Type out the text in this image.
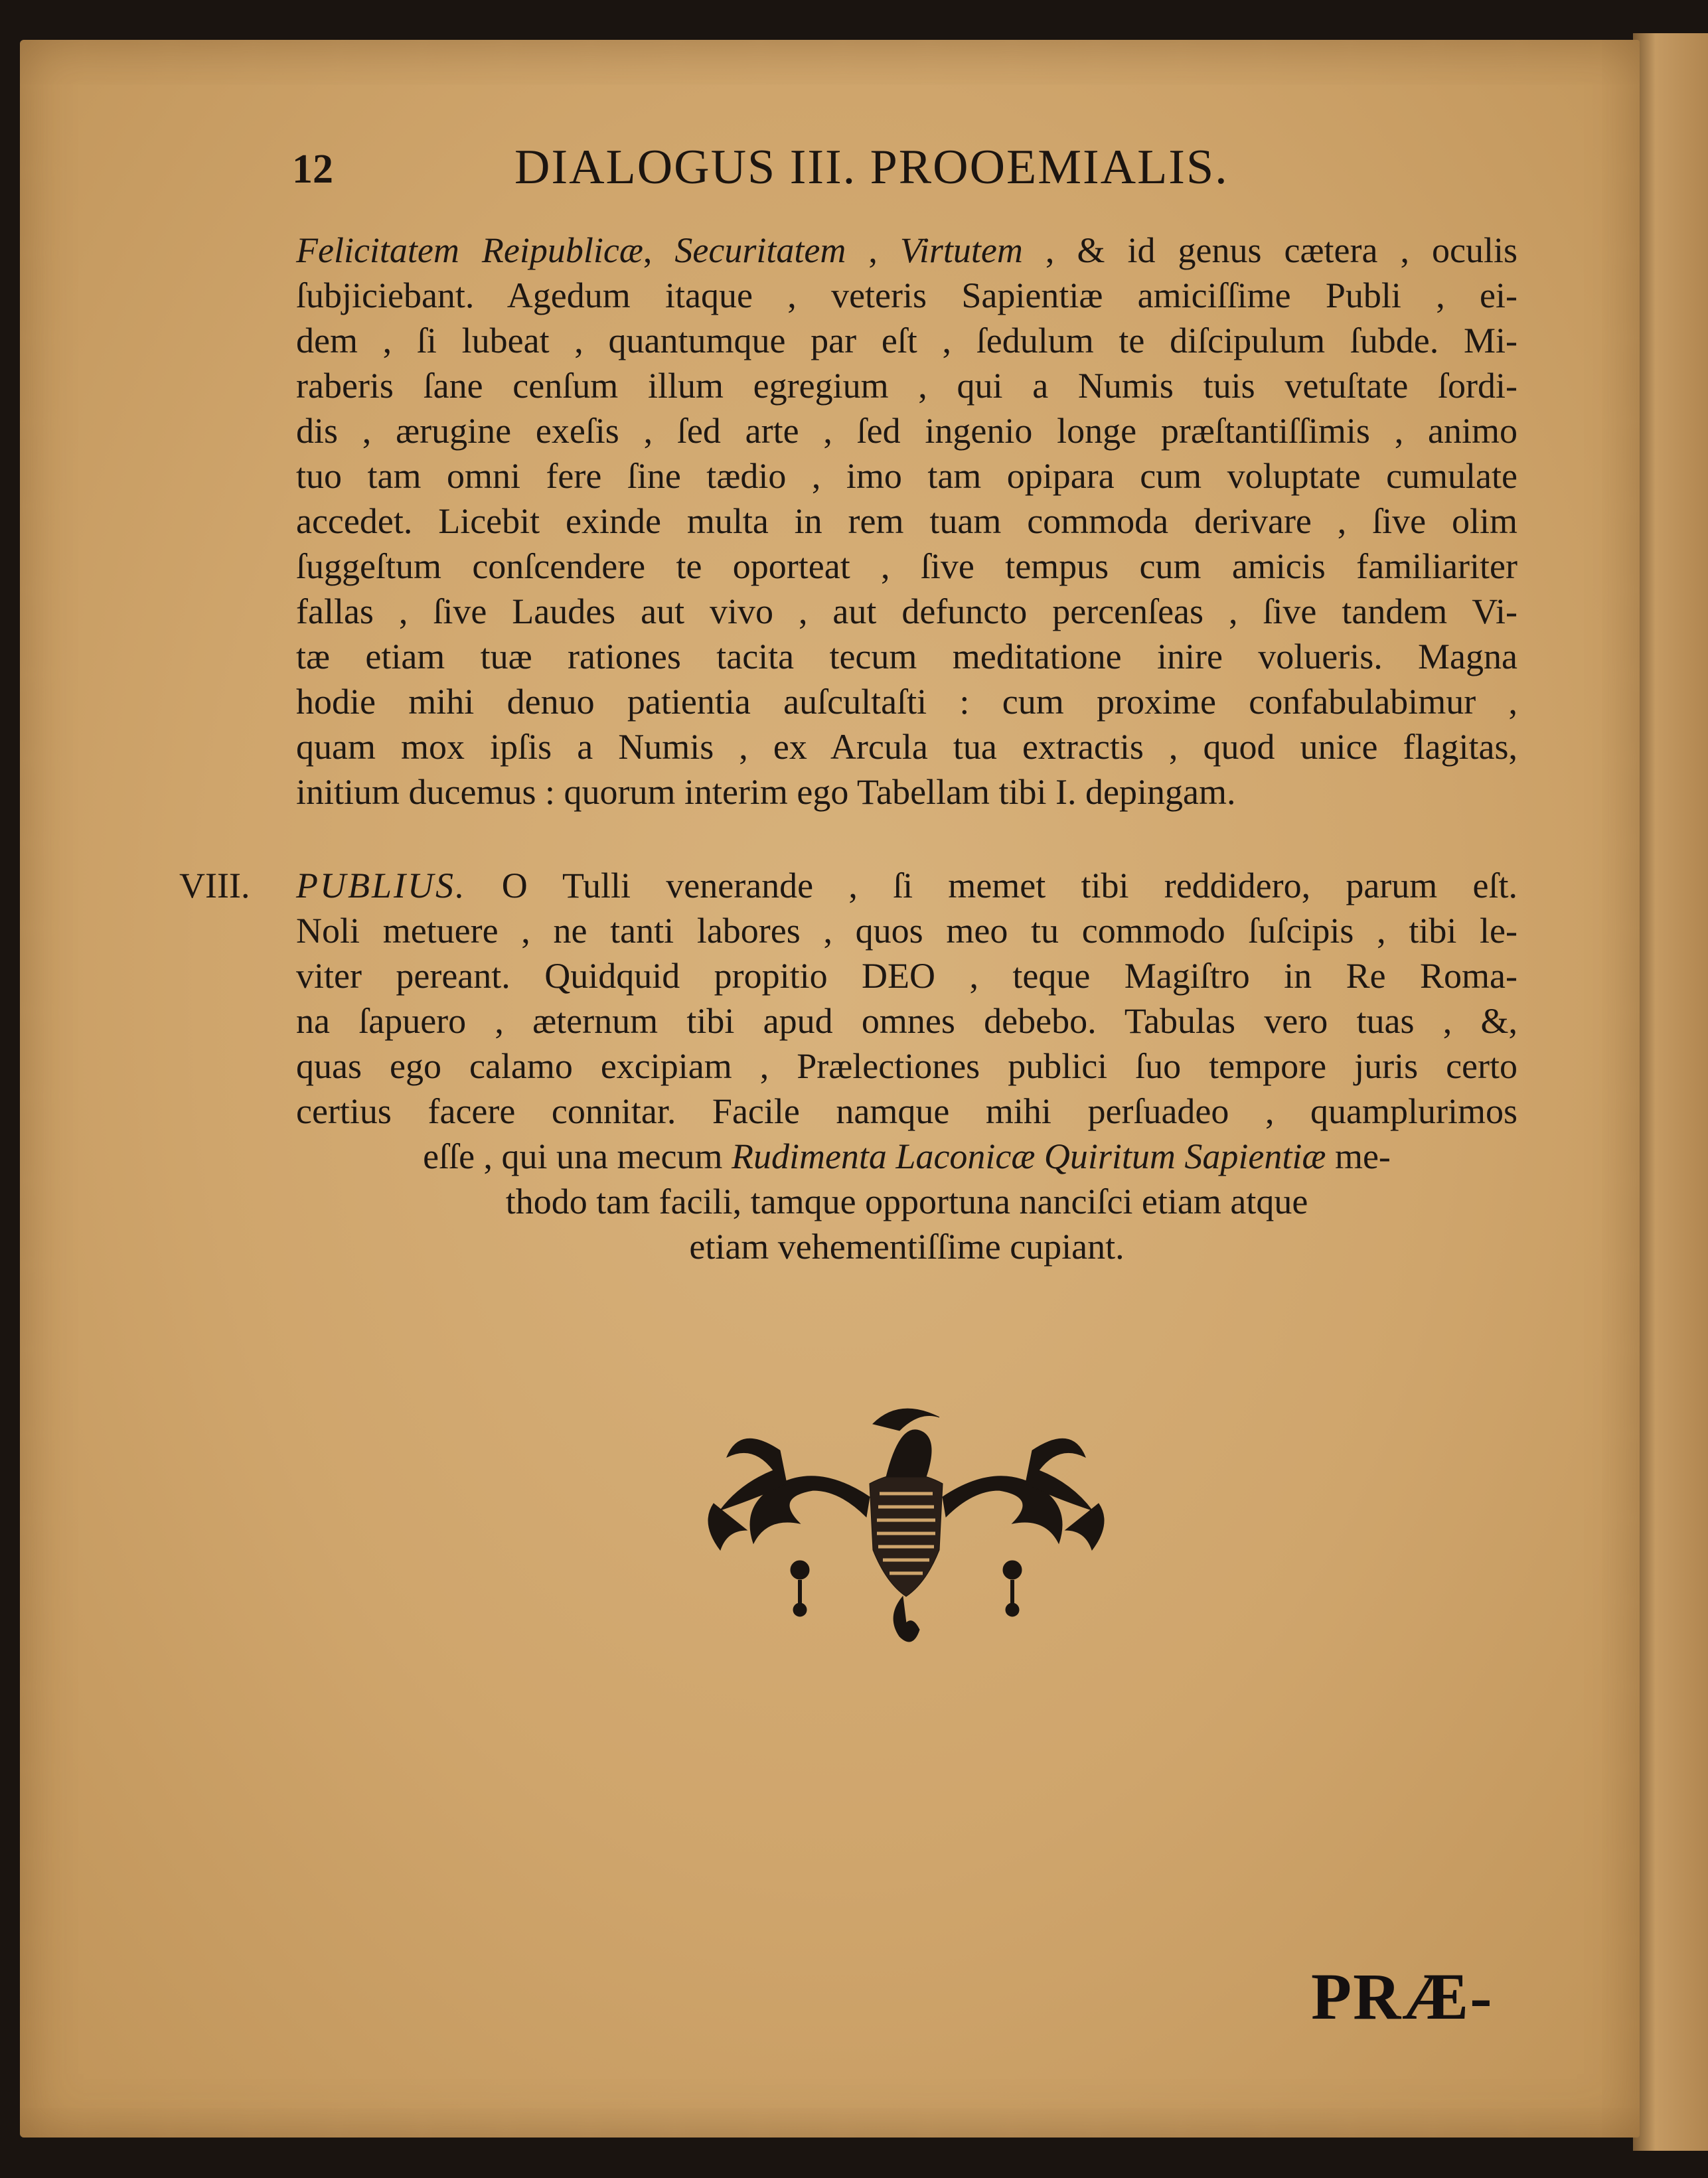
12	DIALOGUS III. PROOEMIALIS.
Felicitatem Reipublicæ, Securitatem , Virtutem , & id genus cætera , oculis
ſubjiciebant. Agedum itaque , veteris Sapientiæ amiciſſime Publi , ei-
dem , ſi lubeat , quantumque par eſt , ſedulum te diſcipulum ſubde. Mi-
raberis ſane cenſum illum egregium , qui a Numis tuis vetuſtate ſordi-
dis , ærugine exeſis , ſed arte , ſed ingenio longe præſtantiſſimis , animo
tuo tam omni fere ſine tædio , imo tam opipara cum voluptate cumulate
accedet. Licebit exinde multa in rem tuam commoda derivare , ſive olim
ſuggeſtum conſcendere te oporteat , ſive tempus cum amicis familiariter
fallas , ſive Laudes aut vivo , aut defuncto percenſeas , ſive tandem Vi-
tæ etiam tuæ rationes tacita tecum meditatione inire volueris. Magna
hodie mihi denuo patientia auſcultaſti : cum proxime confabulabimur ,
quam mox ipſis a Numis , ex Arcula tua extractis , quod unice flagitas,
initium ducemus : quorum interim ego Tabellam tibi I. depingam.
VIII. PUBLIUS. O Tulli venerande , ſi memet tibi reddidero, parum eſt.
Noli metuere , ne tanti labores , quos meo tu commodo ſuſcipis , tibi le-
viter pereant. Quidquid propitio DEO , teque Magiſtro in Re Roma-
na ſapuero , æternum tibi apud omnes debebo. Tabulas vero tuas , &,
quas ego calamo excipiam , Prælectiones publici ſuo tempore juris certo
certius facere connitar. Facile namque mihi perſuadeo , quamplurimos
eſſe , qui una mecum Rudimenta Laconicæ Quiritum Sapientiæ me-
thodo tam facili, tamque opportuna nanciſci etiam atque
etiam vehementiſſime cupiant.
PRÆ-
